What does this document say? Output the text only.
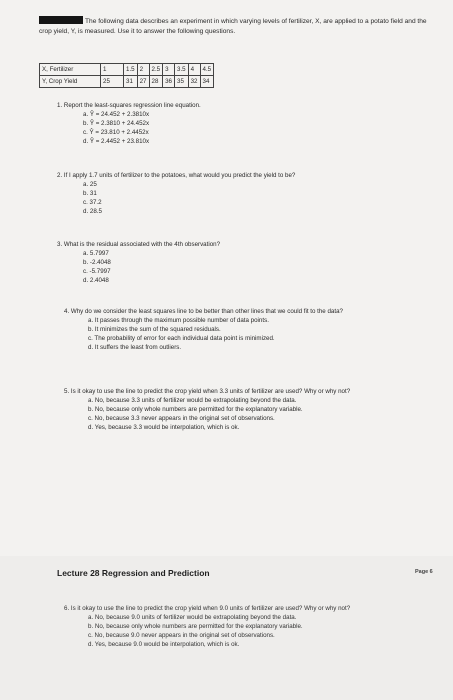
The following data describes an experiment in which varying levels of fertilizer, X, are applied to a potato field and the crop yield, Y, is measured. Use it to answer the following questions.
X, Fertilizer	1	1.5	2	2.5	3	3.5	4	4.5
Y, Crop Yield	25	31	27	28	36	35	32	34
1. Report the least-squares regression line equation.
a. Ŷ = 24.452 + 2.3810x
b. Ŷ = 2.3810 + 24.452x
c. Ŷ = 23.810 + 2.4452x
d. Ŷ = 2.4452 + 23.810x
2. If I apply 1.7 units of fertilizer to the potatoes, what would you predict the yield to be?
a. 25
b. 31
c. 37.2
d. 28.5
3. What is the residual associated with the 4th observation?
a. 5.7997
b. -2.4048
c. -5.7997
d. 2.4048
4. Why do we consider the least squares line to be better than other lines that we could fit to the data?
a. It passes through the maximum possible number of data points.
b. It minimizes the sum of the squared residuals.
c. The probability of error for each individual data point is minimized.
d. It suffers the least from outliers.
5. Is it okay to use the line to predict the crop yield when 3.3 units of fertilizer are used? Why or why not?
a. No, because 3.3 units of fertilizer would be extrapolating beyond the data.
b. No, because only whole numbers are permitted for the explanatory variable.
c. No, because 3.3 never appears in the original set of observations.
d. Yes, because 3.3 would be interpolation, which is ok.
Lecture 28 Regression and Prediction	Page 6
6. Is it okay to use the line to predict the crop yield when 9.0 units of fertilizer are used? Why or why not?
a. No, because 9.0 units of fertilizer would be extrapolating beyond the data.
b. No, because only whole numbers are permitted for the explanatory variable.
c. No, because 9.0 never appears in the original set of observations.
d. Yes, because 9.0 would be interpolation, which is ok.
